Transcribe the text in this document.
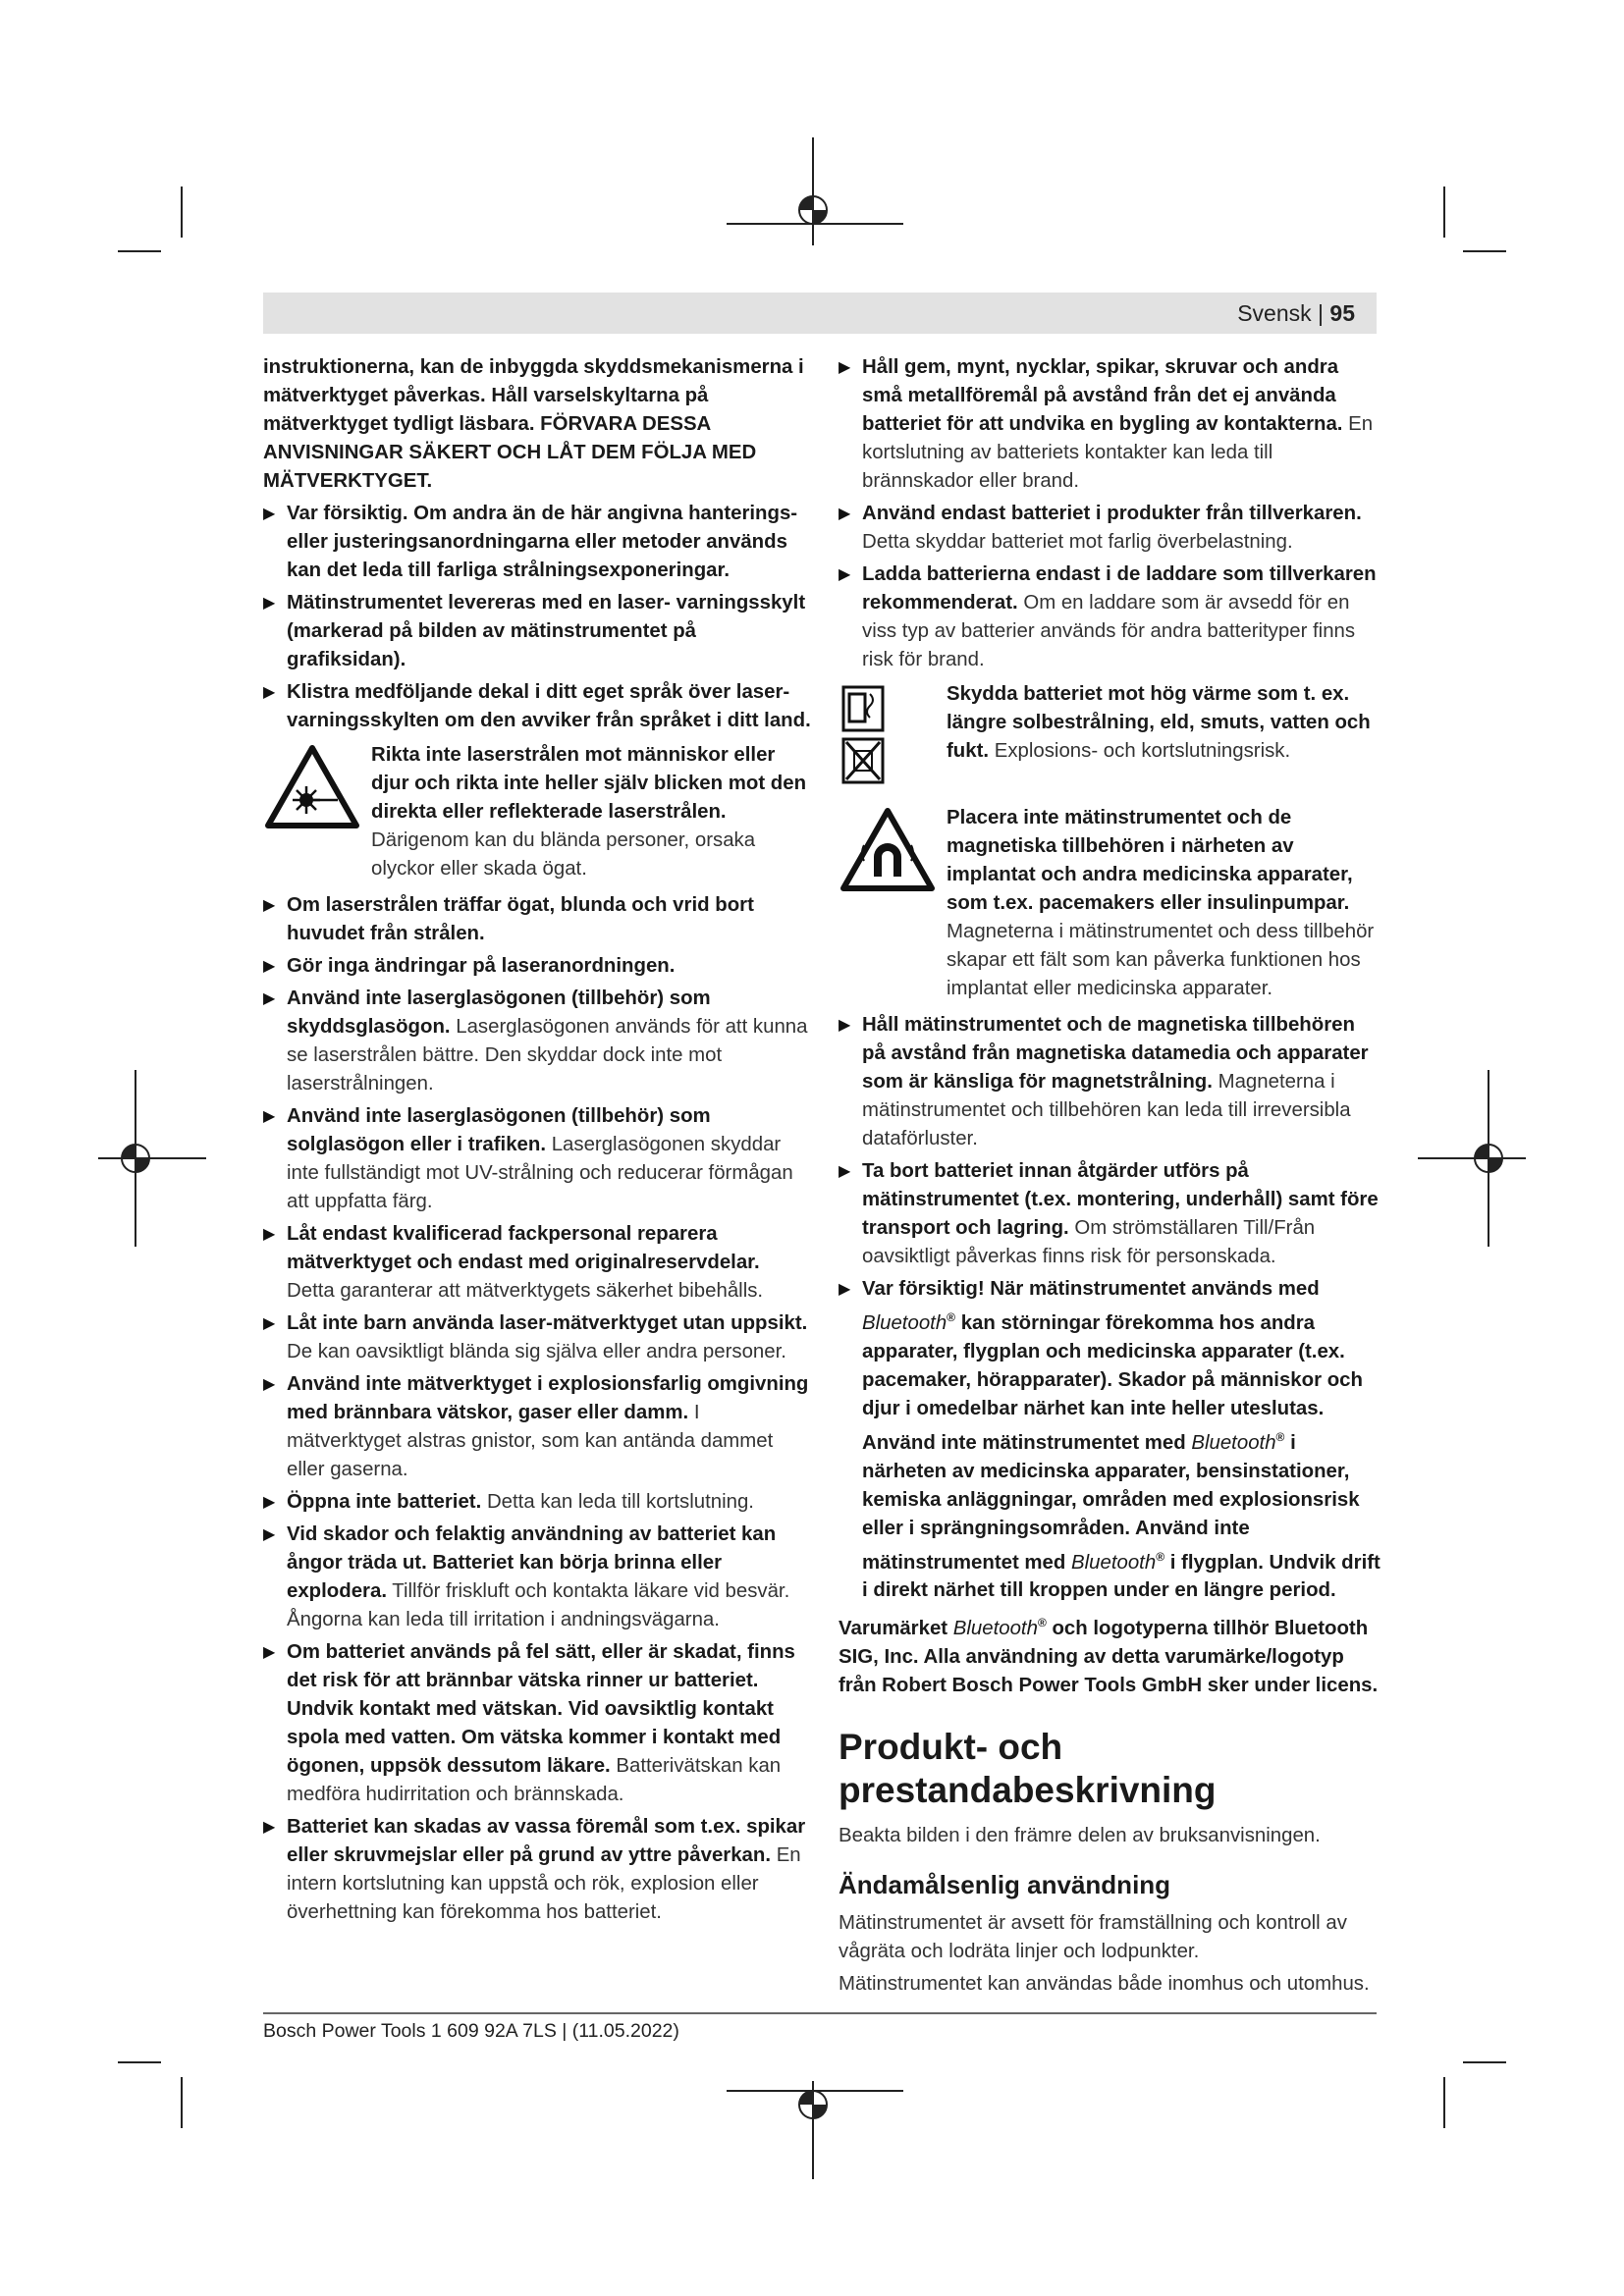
Svensk | 95

instruktionerna, kan de inbyggda skyddsmekanismerna i mätverktyget påverkas. Håll varselskyltarna på mätverktyget tydligt läsbara. FÖRVARA DESSA ANVISNINGAR SÄKERT OCH LÅT DEM FÖLJA MED MÄTVERKTYGET.

▶ Var försiktig. Om andra än de här angivna hanterings- eller justeringsanordningarna eller metoder används kan det leda till farliga strålningsexponeringar.

▶ Mätinstrumentet levereras med en laser- varningsskylt (markerad på bilden av mätinstrumentet på grafiksidan).

▶ Klistra medföljande dekal i ditt eget språk över laser- varningsskylten om den avviker från språket i ditt land.

Rikta inte laserstrålen mot människor eller djur och rikta inte heller själv blicken mot den direkta eller reflekterade laserstrålen.
Därigenom kan du blända personer, orsaka olyckor eller skada ögat.

▶ Om laserstrålen träffar ögat, blunda och vrid bort huvudet från strålen.

▶ Gör inga ändringar på laseranordningen.

▶ Använd inte laserglasögonen (tillbehör) som skyddsglasögon. Laserglasögonen används för att kunna se laserstrålen bättre. Den skyddar dock inte mot laserstrålningen.

▶ Använd inte laserglasögonen (tillbehör) som solglasögon eller i trafiken. Laserglasögonen skyddar inte fullständigt mot UV-strålning och reducerar förmågan att uppfatta färg.

▶ Låt endast kvalificerad fackpersonal reparera mätverktyget och endast med originalreservdelar. Detta garanterar att mätverktygets säkerhet bibehålls.

▶ Låt inte barn använda laser-mätverktyget utan uppsikt. De kan oavsiktligt blända sig själva eller andra personer.

▶ Använd inte mätverktyget i explosionsfarlig omgivning med brännbara vätskor, gaser eller damm. I mätverktyget alstras gnistor, som kan antända dammet eller gaserna.

▶ Öppna inte batteriet. Detta kan leda till kortslutning.

▶ Vid skador och felaktig användning av batteriet kan ångor träda ut. Batteriet kan börja brinna eller explodera. Tillför friskluft och kontakta läkare vid besvär. Ångorna kan leda till irritation i andningsvägarna.

▶ Om batteriet används på fel sätt, eller är skadat, finns det risk för att brännbar vätska rinner ur batteriet. Undvik kontakt med vätskan. Vid oavsiktlig kontakt spola med vatten. Om vätska kommer i kontakt med ögonen, uppsök dessutom läkare. Batterivätskan kan medföra hudirritation och brännskada.

▶ Batteriet kan skadas av vassa föremål som t.ex. spikar eller skruvmejslar eller på grund av yttre påverkan. En intern kortslutning kan uppstå och rök, explosion eller överhettning kan förekomma hos batteriet.

▶ Håll gem, mynt, nycklar, spikar, skruvar och andra små metallföremål på avstånd från det ej använda batteriet för att undvika en bygling av kontakterna. En kortslutning av batteriets kontakter kan leda till brännskador eller brand.

▶ Använd endast batteriet i produkter från tillverkaren. Detta skyddar batteriet mot farlig överbelastning.

▶ Ladda batterierna endast i de laddare som tillverkaren rekommenderat. Om en laddare som är avsedd för en viss typ av batterier används för andra batterityper finns risk för brand.

Skydda batteriet mot hög värme som t. ex. längre solbestrålning, eld, smuts, vatten och fukt. Explosions- och kortslutningsrisk.
Placera inte mätinstrumentet och de magnetiska tillbehören i närheten av implantat och andra medicinska apparater, som t.ex. pacemakers eller insulinpumpar.
Magneterna i mätinstrumentet och dess tillbehör skapar ett fält som kan påverka funktionen hos implantat eller medicinska apparater.

▶ Håll mätinstrumentet och de magnetiska tillbehören på avstånd från magnetiska datamedia och apparater som är känsliga för magnetstrålning. Magneterna i mätinstrumentet och tillbehören kan leda till irreversibla dataförluster.

▶ Ta bort batteriet innan åtgärder utförs på mätinstrumentet (t.ex. montering, underhåll) samt före transport och lagring. Om strömställaren Till/Från oavsiktligt påverkas finns risk för personskada.

▶ Var försiktig! När mätinstrumentet används med Bluetooth® kan störningar förekomma hos andra apparater, flygplan och medicinska apparater (t.ex. pacemaker, hörapparater). Skador på människor och djur i omedelbar närhet kan inte heller uteslutas. Använd inte mätinstrumentet med Bluetooth® i närheten av medicinska apparater, bensinstationer, kemiska anläggningar, områden med explosionsrisk eller i sprängningsområden. Använd inte mätinstrumentet med Bluetooth® i flygplan. Undvik drift i direkt närhet till kroppen under en längre period.

Varumärket Bluetooth® och logotyperna tillhör Bluetooth SIG, Inc. Alla användning av detta varumärke/logotyp från Robert Bosch Power Tools GmbH sker under licens.

Produkt- och prestandabeskrivning

Beakta bilden i den främre delen av bruksanvisningen.

Ändamålsenlig användning

Mätinstrumentet är avsett för framställning och kontroll av vågräta och lodräta linjer och lodpunkter.

Mätinstrumentet kan användas både inomhus och utomhus.

Bosch Power Tools 1 609 92A 7LS | (11.05.2022)
